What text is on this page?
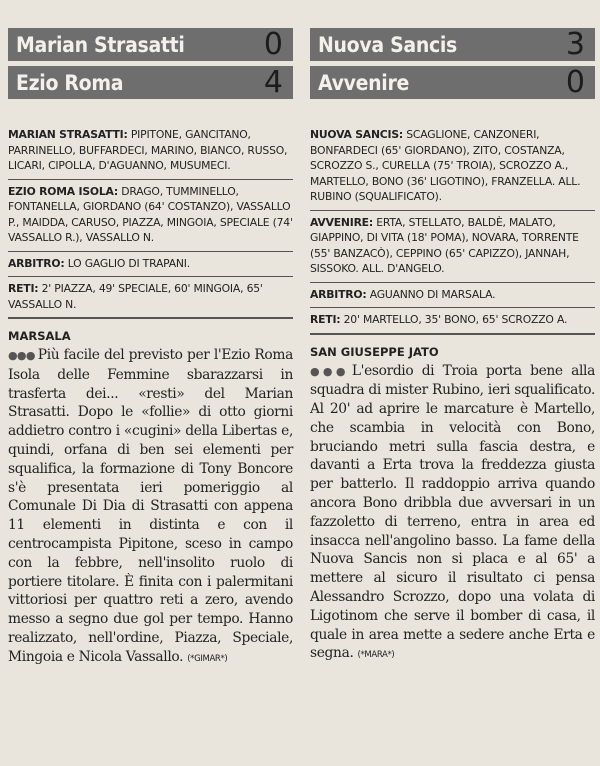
Marian Strasatti	0
Ezio Roma	4
MARIAN STRASATTI: PIPITONE, GANCITANO, PARRINELLO, BUFFARDECI, MARINO, BIANCO, RUSSO, LICARI, CIPOLLA, D'AGUANNO, MUSUMECI.
EZIO ROMA ISOLA: DRAGO, TUMMINELLO, FONTANELLA, GIORDANO (64' COSTANZO), VASSALLO P., MAIDDA, CARUSO, PIAZZA, MINGOIA, SPECIALE (74' VASSALLO R.), VASSALLO N.
ARBITRO: LO GAGLIO DI TRAPANI.
RETI: 2' PIAZZA, 49' SPECIALE, 60' MINGOIA, 65' VASSALLO N.
MARSALA
●●● Più facile del previsto per l'Ezio Roma Isola delle Femmine sbarazzarsi in trasferta dei... «resti» del Marian Strasatti. Dopo le «follie» di otto giorni addietro contro i «cugini» della Libertas e, quindi, orfana di ben sei elementi per squalifica, la formazione di Tony Boncore s'è presentata ieri pomeriggio al Comunale Di Dia di Strasatti con appena 11 elementi in distinta e con il centrocampista Pipitone, sceso in campo con la febbre, nell'insolito ruolo di portiere titolare. È finita con i palermitani vittoriosi per quattro reti a zero, avendo messo a segno due gol per tempo. Hanno realizzato, nell'ordine, Piazza, Speciale, Mingoia e Nicola Vassallo. (*GIMAR*)
Nuova Sancis	3
Avvenire	0
NUOVA SANCIS: SCAGLIONE, CANZONERI, BONFARDECI (65' GIORDANO), ZITO, COSTANZA, SCROZZO S., CURELLA (75' TROIA), SCROZZO A., MARTELLO, BONO (36' LIGOTINO), FRANZELLA. ALL. RUBINO (SQUALIFICATO).
AVVENIRE: ERTA, STELLATO, BALDÈ, MALATO, GIAPPINO, DI VITA (18' POMA), NOVARA, TORRENTE (55' BANZACÒ), CEPPINO (65' CAPIZZO), JANNAH, SISSOKO. ALL. D'ANGELO.
ARBITRO: AGUANNO DI MARSALA.
RETI: 20' MARTELLO, 35' BONO, 65' SCROZZO A.
SAN GIUSEPPE JATO
●●● L'esordio di Troia porta bene alla squadra di mister Rubino, ieri squalificato. Al 20' ad aprire le marcature è Martello, che scambia in velocità con Bono, bruciando metri sulla fascia destra, e davanti a Erta trova la freddezza giusta per batterlo. Il raddoppio arriva quando ancora Bono dribbla due avversari in un fazzoletto di terreno, entra in area ed insacca nell'angolino basso. La fame della Nuova Sancis non si placa e al 65' a mettere al sicuro il risultato ci pensa Alessandro Scrozzo, dopo una volata di Ligotinom che serve il bomber di casa, il quale in area mette a sedere anche Erta e segna. (*MARA*)
